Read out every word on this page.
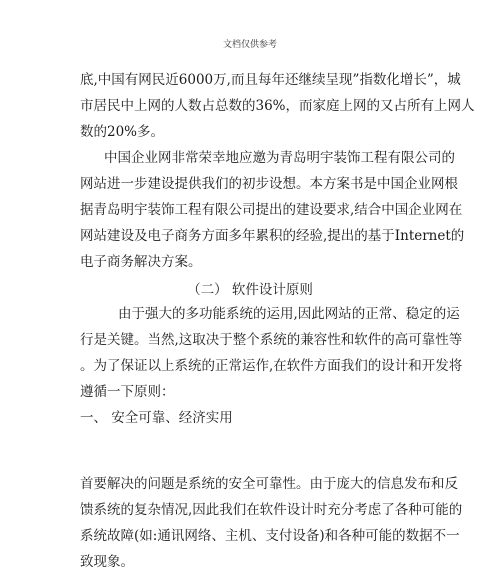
文档仅供参考
底,中国有网民近6000万,而且每年还继续呈现”指数化增长”，城
市居民中上网的人数占总数的36%，而家庭上网的又占所有上网人
数的20%多。
中国企业网非常荣幸地应邀为青岛明宇装饰工程有限公司的
网站进一步建设提供我们的初步设想。本方案书是中国企业网根
据青岛明宇装饰工程有限公司提出的建设要求,结合中国企业网在
网站建设及电子商务方面多年累积的经验,提出的基于Internet的
电子商务解决方案。
（二） 软件设计原则
由于强大的多功能系统的运用,因此网站的正常、稳定的运
行是关键。当然,这取决于整个系统的兼容性和软件的高可靠性等
。为了保证以上系统的正常运作,在软件方面我们的设计和开发将
遵循一下原则：
一、 安全可靠、经济实用
首要解决的问题是系统的安全可靠性。由于庞大的信息发布和反
馈系统的复杂情况,因此我们在软件设计时充分考虑了各种可能的
系统故障(如:通讯网络、主机、支付设备)和各种可能的数据不一
致现象。
